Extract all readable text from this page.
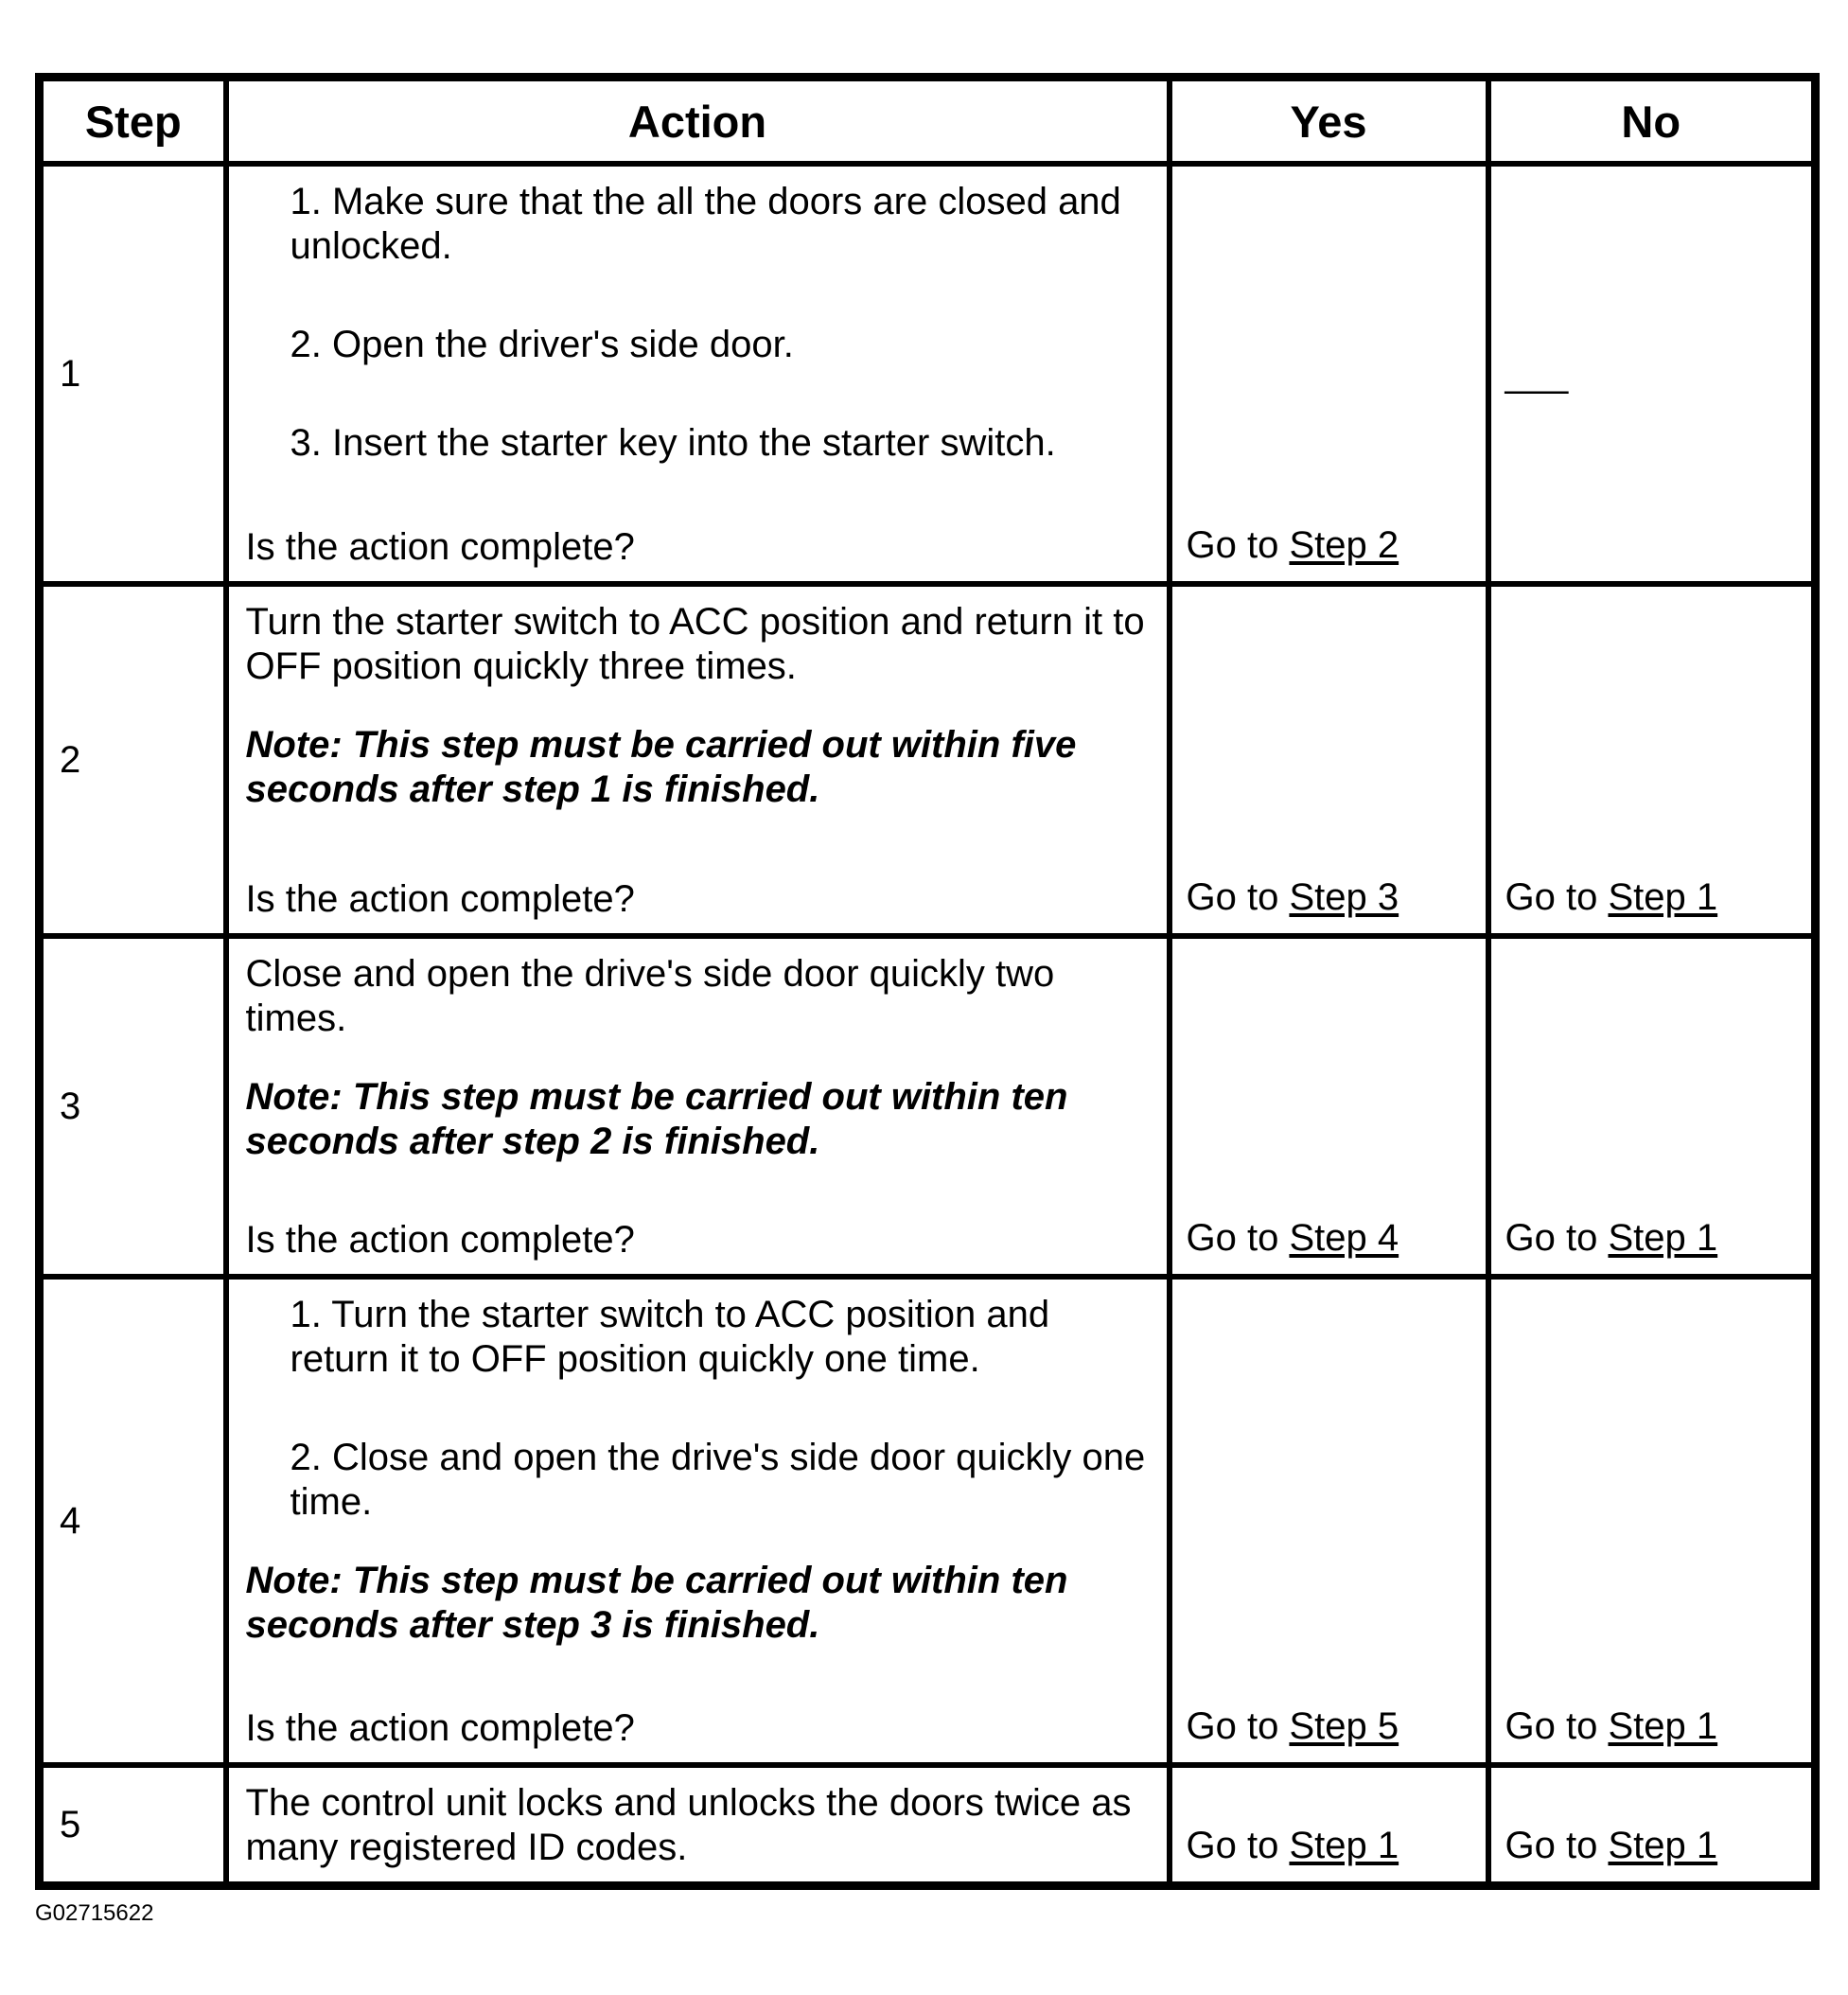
Step	Action	Yes	No
1	1. Make sure that the all the doors are closed and unlocked.

2. Open the driver's side door.

3. Insert the starter key into the starter switch.

Is the action complete?	Go to Step 2	___
2	Turn the starter switch to ACC position and return it to OFF position quickly three times.

Note: This step must be carried out within five seconds after step 1 is finished.

Is the action complete?	Go to Step 3	Go to Step 1
3	Close and open the drive's side door quickly two times.

Note: This step must be carried out within ten seconds after step 2 is finished.

Is the action complete?	Go to Step 4	Go to Step 1
4	1. Turn the starter switch to ACC position and return it to OFF position quickly one time.

2. Close and open the drive's side door quickly one time.

Note: This step must be carried out within ten seconds after step 3 is finished.

Is the action complete?	Go to Step 5	Go to Step 1
5	The control unit locks and unlocks the doors twice as many registered ID codes.	Go to Step 1	Go to Step 1
G02715622
